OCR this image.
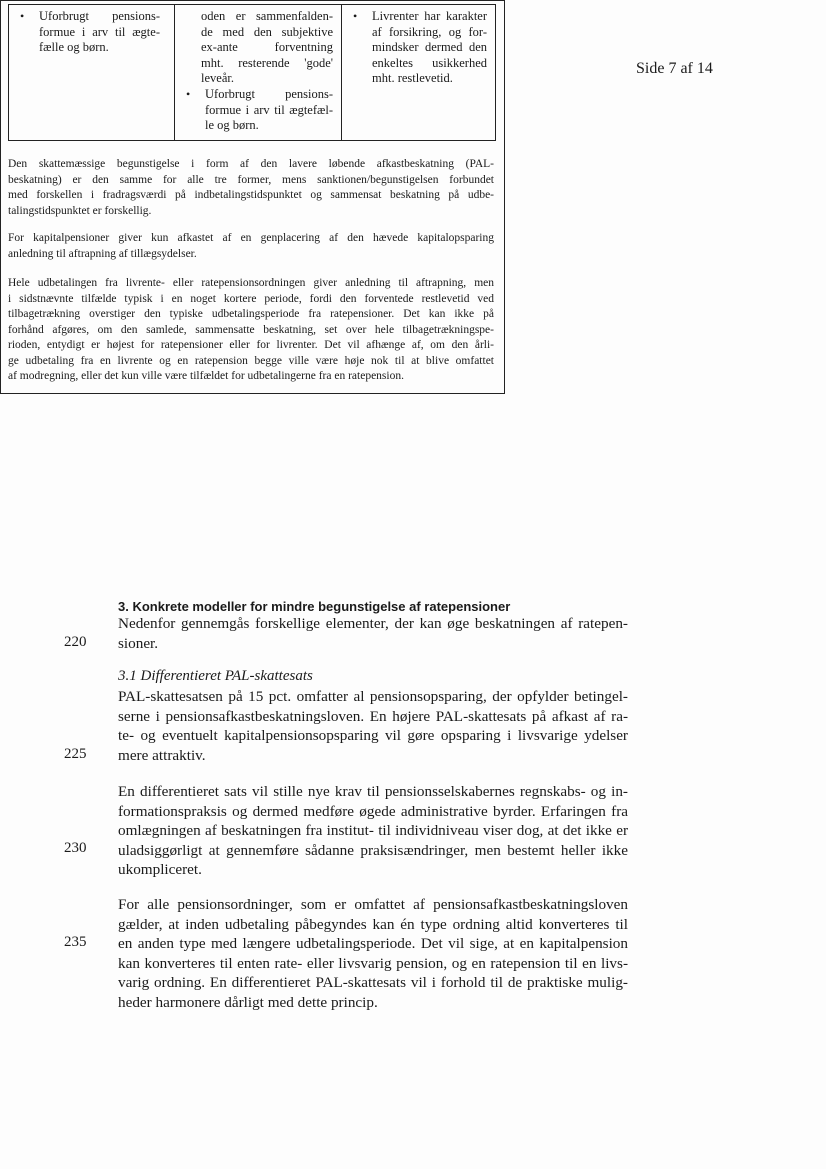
Side 7 af 14
• Uforbrugt pensions-
formue i arv til ægte-
fælle og børn.
oden er sammenfalden-
de med den subjektive
ex-ante forventning
mht. resterende 'gode'
leveår.
• Uforbrugt pensions-
formue i arv til ægtefæl-
le og børn.
• Livrenter har karakter
af forsikring, og for-
mindsker dermed den
enkeltes usikkerhed
mht. restlevetid.
Den skattemæssige begunstigelse i form af den lavere løbende afkastbeskatning (PAL-
beskatning) er den samme for alle tre former, mens sanktionen/begunstigelsen forbundet
med forskellen i fradragsværdi på indbetalingstidspunktet og sammensat beskatning på udbe-
talingstidspunktet er forskellig.
For kapitalpensioner giver kun afkastet af en genplacering af den hævede kapitalopsparing
anledning til aftrapning af tillægsydelser.
Hele udbetalingen fra livrente- eller ratepensionsordningen giver anledning til aftrapning, men
i sidstnævnte tilfælde typisk i en noget kortere periode, fordi den forventede restlevetid ved
tilbagetrækning overstiger den typiske udbetalingsperiode fra ratepensioner. Det kan ikke på
forhånd afgøres, om den samlede, sammensatte beskatning, set over hele tilbagetrækningspe-
rioden, entydigt er højest for ratepensioner eller for livrenter. Det vil afhænge af, om den årli-
ge udbetaling fra en livrente og en ratepension begge ville være høje nok til at blive omfattet
af modregning, eller det kun ville være tilfældet for udbetalingerne fra en ratepension.
3. Konkrete modeller for mindre begunstigelse af ratepensioner
Nedenfor gennemgås forskellige elementer, der kan øge beskatningen af ratepen-
sioner.
220
3.1 Differentieret PAL-skattesats
PAL-skattesatsen på 15 pct. omfatter al pensionsopsparing, der opfylder betingel-
serne i pensionsafkastbeskatningsloven. En højere PAL-skattesats på afkast af ra-
te- og eventuelt kapitalpensionsopsparing vil gøre opsparing i livsvarige ydelser
mere attraktiv.
225
En differentieret sats vil stille nye krav til pensionsselskabernes regnskabs- og in-
formationspraksis og dermed medføre øgede administrative byrder. Erfaringen fra
omlægningen af beskatningen fra institut- til individniveau viser dog, at det ikke er
uladsiggørligt at gennemføre sådanne praksisændringer, men bestemt heller ikke
ukompliceret.
230
For alle pensionsordninger, som er omfattet af pensionsafkastbeskatningsloven
gælder, at inden udbetaling påbegyndes kan én type ordning altid konverteres til
en anden type med længere udbetalingsperiode. Det vil sige, at en kapitalpension
kan konverteres til enten rate- eller livsvarig pension, og en ratepension til en livs-
varig ordning. En differentieret PAL-skattesats vil i forhold til de praktiske mulig-
heder harmonere dårligt med dette princip.
235
